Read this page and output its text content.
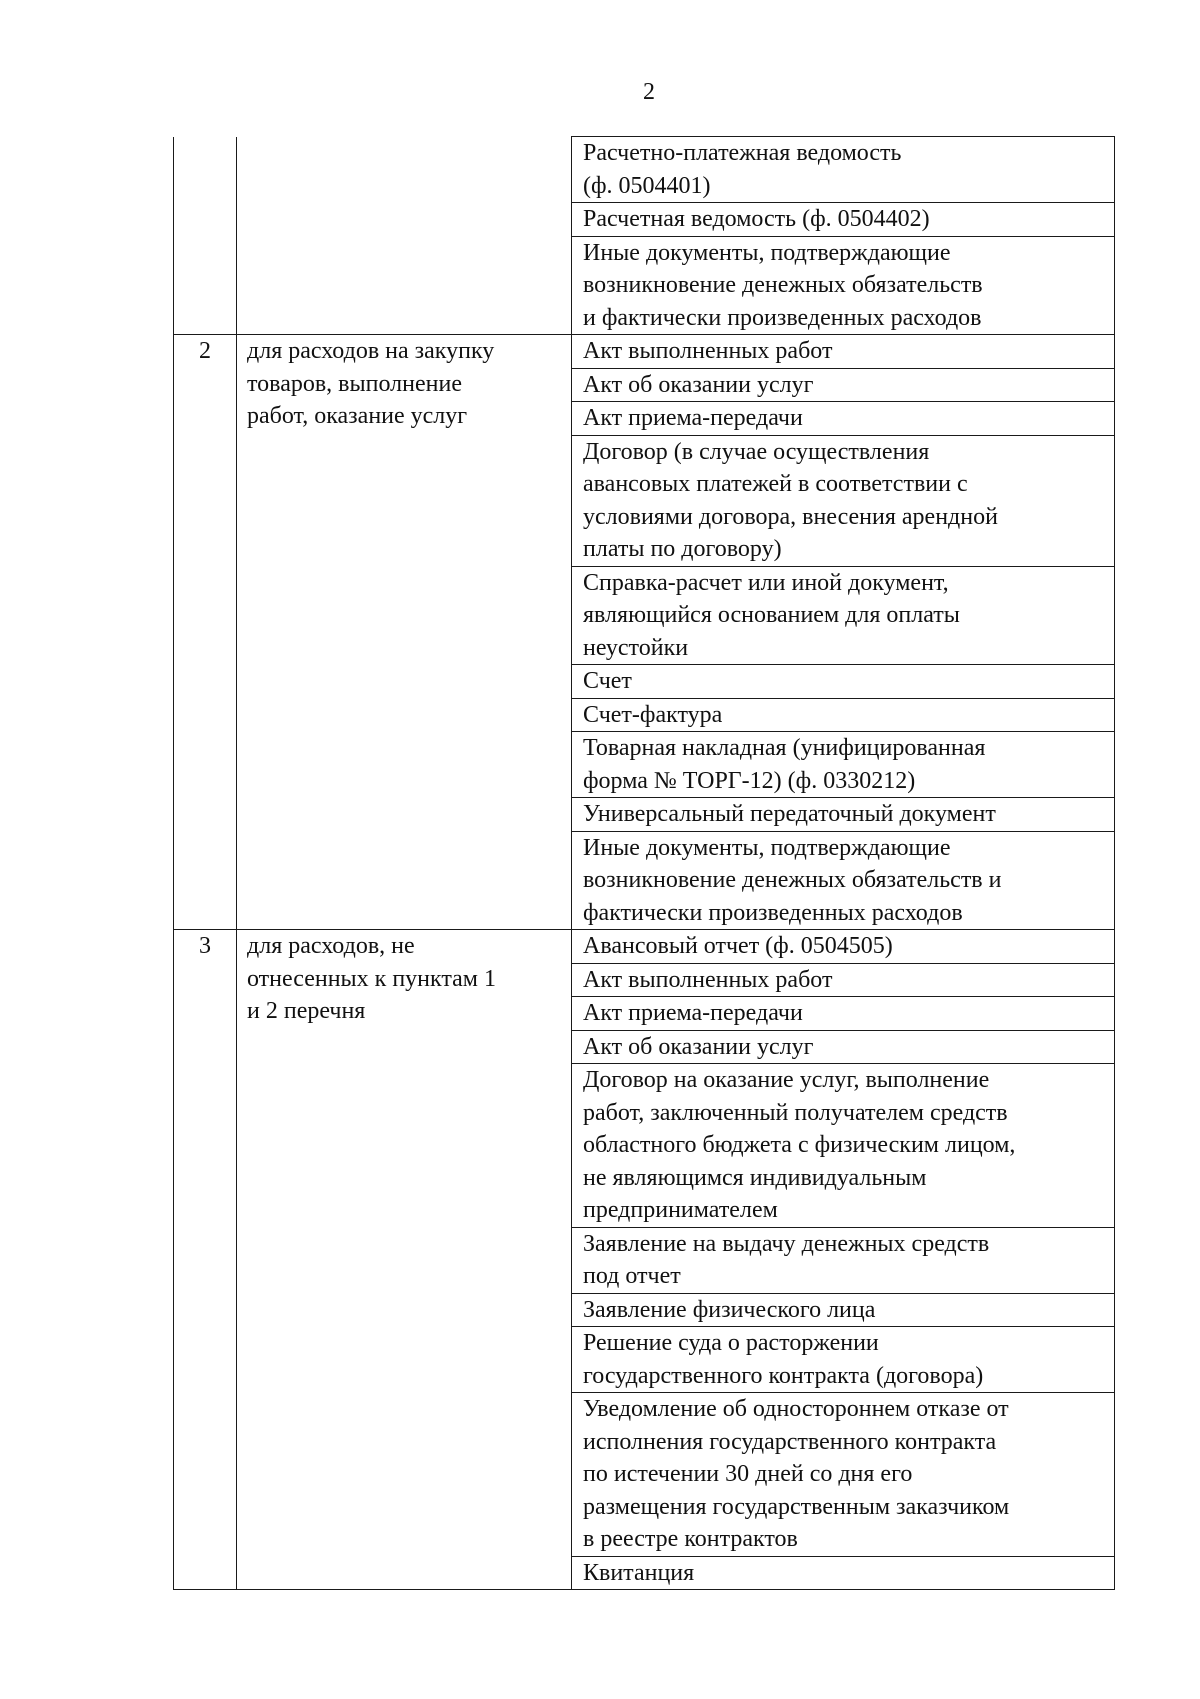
2

		Расчетно-платежная ведомость
(ф. 0504401)

		Расчетная ведомость (ф. 0504402)

		Иные документы, подтверждающие
возникновение денежных обязательств
и фактически произведенных расходов

2	для расходов на закупку
товаров, выполнение
работ, оказание услуг	Акт выполненных работ

		Акт об оказании услуг

		Акт приема-передачи

		Договор (в случае осуществления
авансовых платежей в соответствии с
условиями договора, внесения арендной
платы по договору)

		Справка-расчет или иной документ,
являющийся основанием для оплаты
неустойки

		Счет

		Счет-фактура

		Товарная накладная (унифицированная
форма № ТОРГ-12) (ф. 0330212)

		Универсальный передаточный документ

		Иные документы, подтверждающие
возникновение денежных обязательств и
фактически произведенных расходов

3	для расходов, не
отнесенных к пунктам 1
и 2 перечня	Авансовый отчет (ф. 0504505)

		Акт выполненных работ

		Акт приема-передачи

		Акт об оказании услуг

		Договор на оказание услуг, выполнение
работ, заключенный получателем средств
областного бюджета с физическим лицом,
не являющимся индивидуальным
предпринимателем

		Заявление на выдачу денежных средств
под отчет

		Заявление физического лица

		Решение суда о расторжении
государственного контракта (договора)

		Уведомление об одностороннем отказе от
исполнения государственного контракта
по истечении 30 дней со дня его
размещения государственным заказчиком
в реестре контрактов

		Квитанция
